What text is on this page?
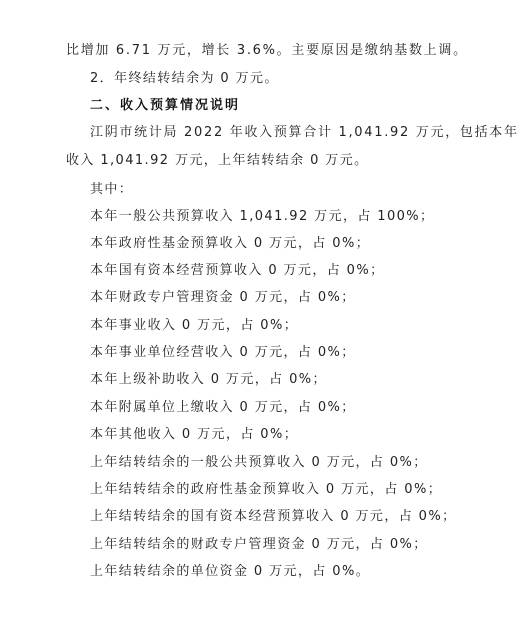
比增加 6.71 万元，增长 3.6%。主要原因是缴纳基数上调。
2．年终结转结余为 0 万元。
二、收入预算情况说明
江阴市统计局 2022 年收入预算合计 1,041.92 万元，包括本年
收入 1,041.92 万元，上年结转结余 0 万元。
其中：
本年一般公共预算收入 1,041.92 万元，占 100%；
本年政府性基金预算收入 0 万元，占 0%；
本年国有资本经营预算收入 0 万元，占 0%；
本年财政专户管理资金 0 万元，占 0%；
本年事业收入 0 万元，占 0%；
本年事业单位经营收入 0 万元，占 0%；
本年上级补助收入 0 万元，占 0%；
本年附属单位上缴收入 0 万元，占 0%；
本年其他收入 0 万元，占 0%；
上年结转结余的一般公共预算收入 0 万元，占 0%；
上年结转结余的政府性基金预算收入 0 万元，占 0%；
上年结转结余的国有资本经营预算收入 0 万元，占 0%；
上年结转结余的财政专户管理资金 0 万元，占 0%；
上年结转结余的单位资金 0 万元，占 0%。
